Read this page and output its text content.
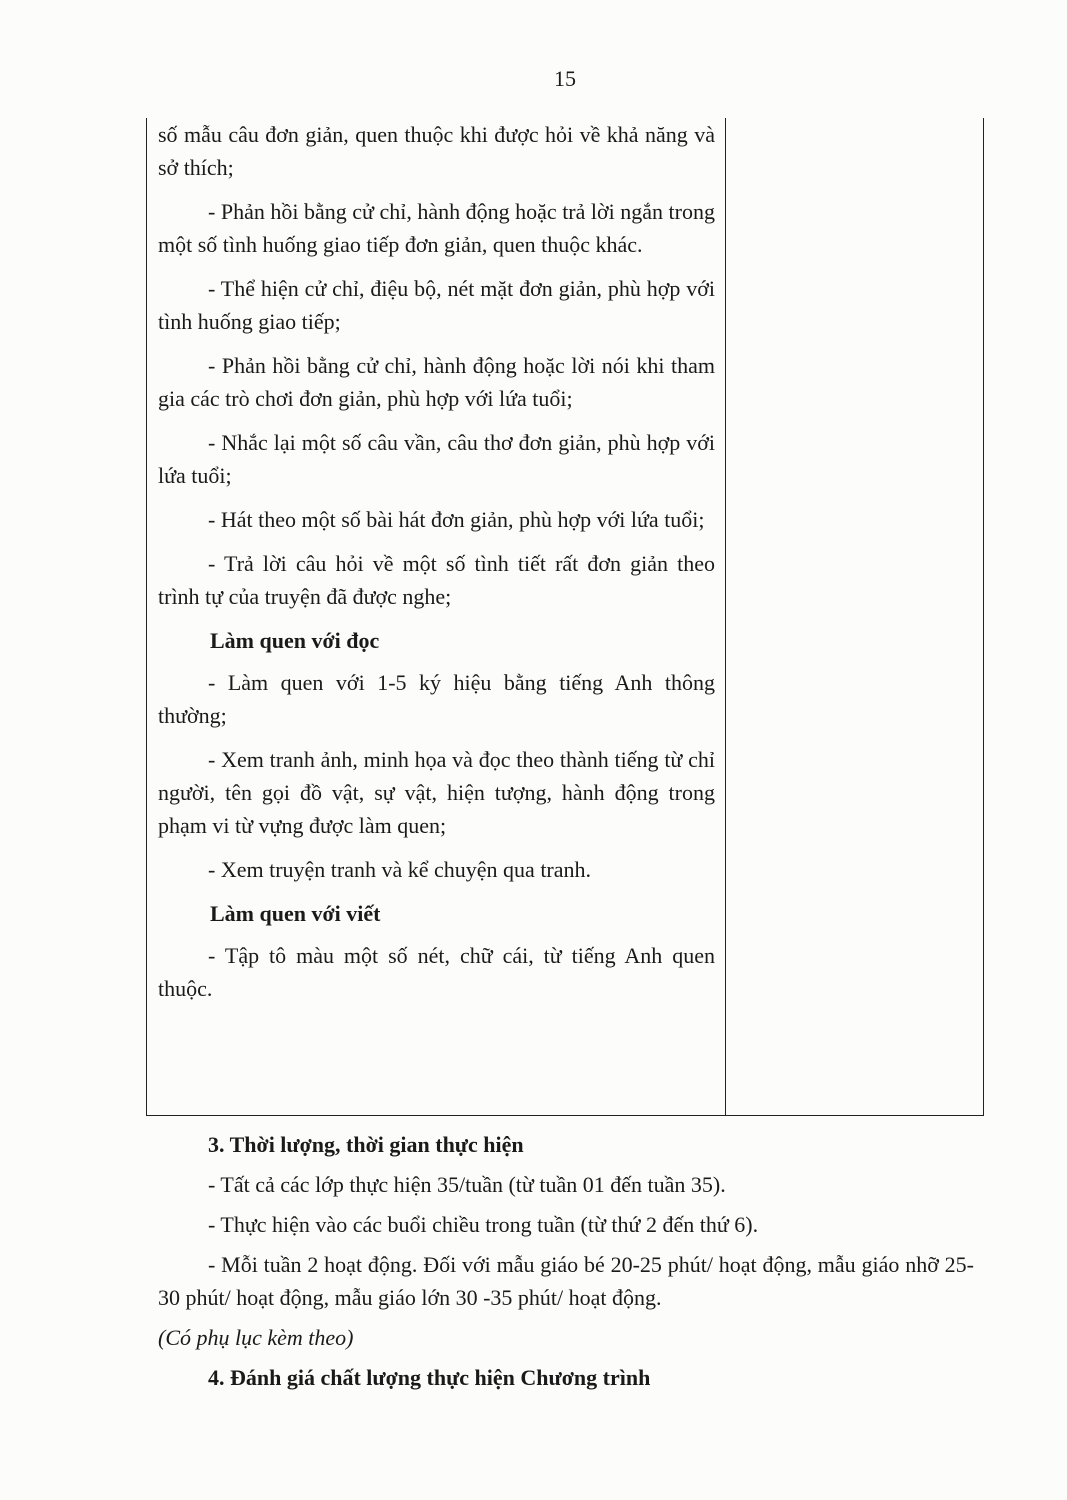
15

số mẫu câu đơn giản, quen thuộc khi được hỏi về khả năng và sở thích;

- Phản hồi bằng cử chỉ, hành động hoặc trả lời ngắn trong một số tình huống giao tiếp đơn giản, quen thuộc khác.

- Thể hiện cử chỉ, điệu bộ, nét mặt đơn giản, phù hợp với tình huống giao tiếp;

- Phản hồi bằng cử chỉ, hành động hoặc lời nói khi tham gia các trò chơi đơn giản, phù hợp với lứa tuổi;

- Nhắc lại một số câu vần, câu thơ đơn giản, phù hợp với lứa tuổi;

- Hát theo một số bài hát đơn giản, phù hợp với lứa tuổi;

- Trả lời câu hỏi về một số tình tiết rất đơn giản theo trình tự của truyện đã được nghe;

Làm quen với đọc

- Làm quen với 1-5 ký hiệu bằng tiếng Anh thông thường;

- Xem tranh ảnh, minh họa và đọc theo thành tiếng từ chỉ người, tên gọi đồ vật, sự vật, hiện tượng, hành động trong phạm vi từ vựng được làm quen;

- Xem truyện tranh và kể chuyện qua tranh.

Làm quen với viết

- Tập tô màu một số nét, chữ cái, từ tiếng Anh quen thuộc.

3. Thời lượng, thời gian thực hiện

- Tất cả các lớp thực hiện 35/tuần (từ tuần 01 đến tuần 35).

- Thực hiện vào các buổi chiều trong tuần (từ thứ 2 đến thứ 6).

- Mỗi tuần 2 hoạt động. Đối với mẫu giáo bé 20-25 phút/ hoạt động, mẫu giáo nhỡ 25-30 phút/ hoạt động, mẫu giáo lớn 30 -35 phút/ hoạt động.

(Có phụ lục kèm theo)

4. Đánh giá chất lượng thực hiện Chương trình
